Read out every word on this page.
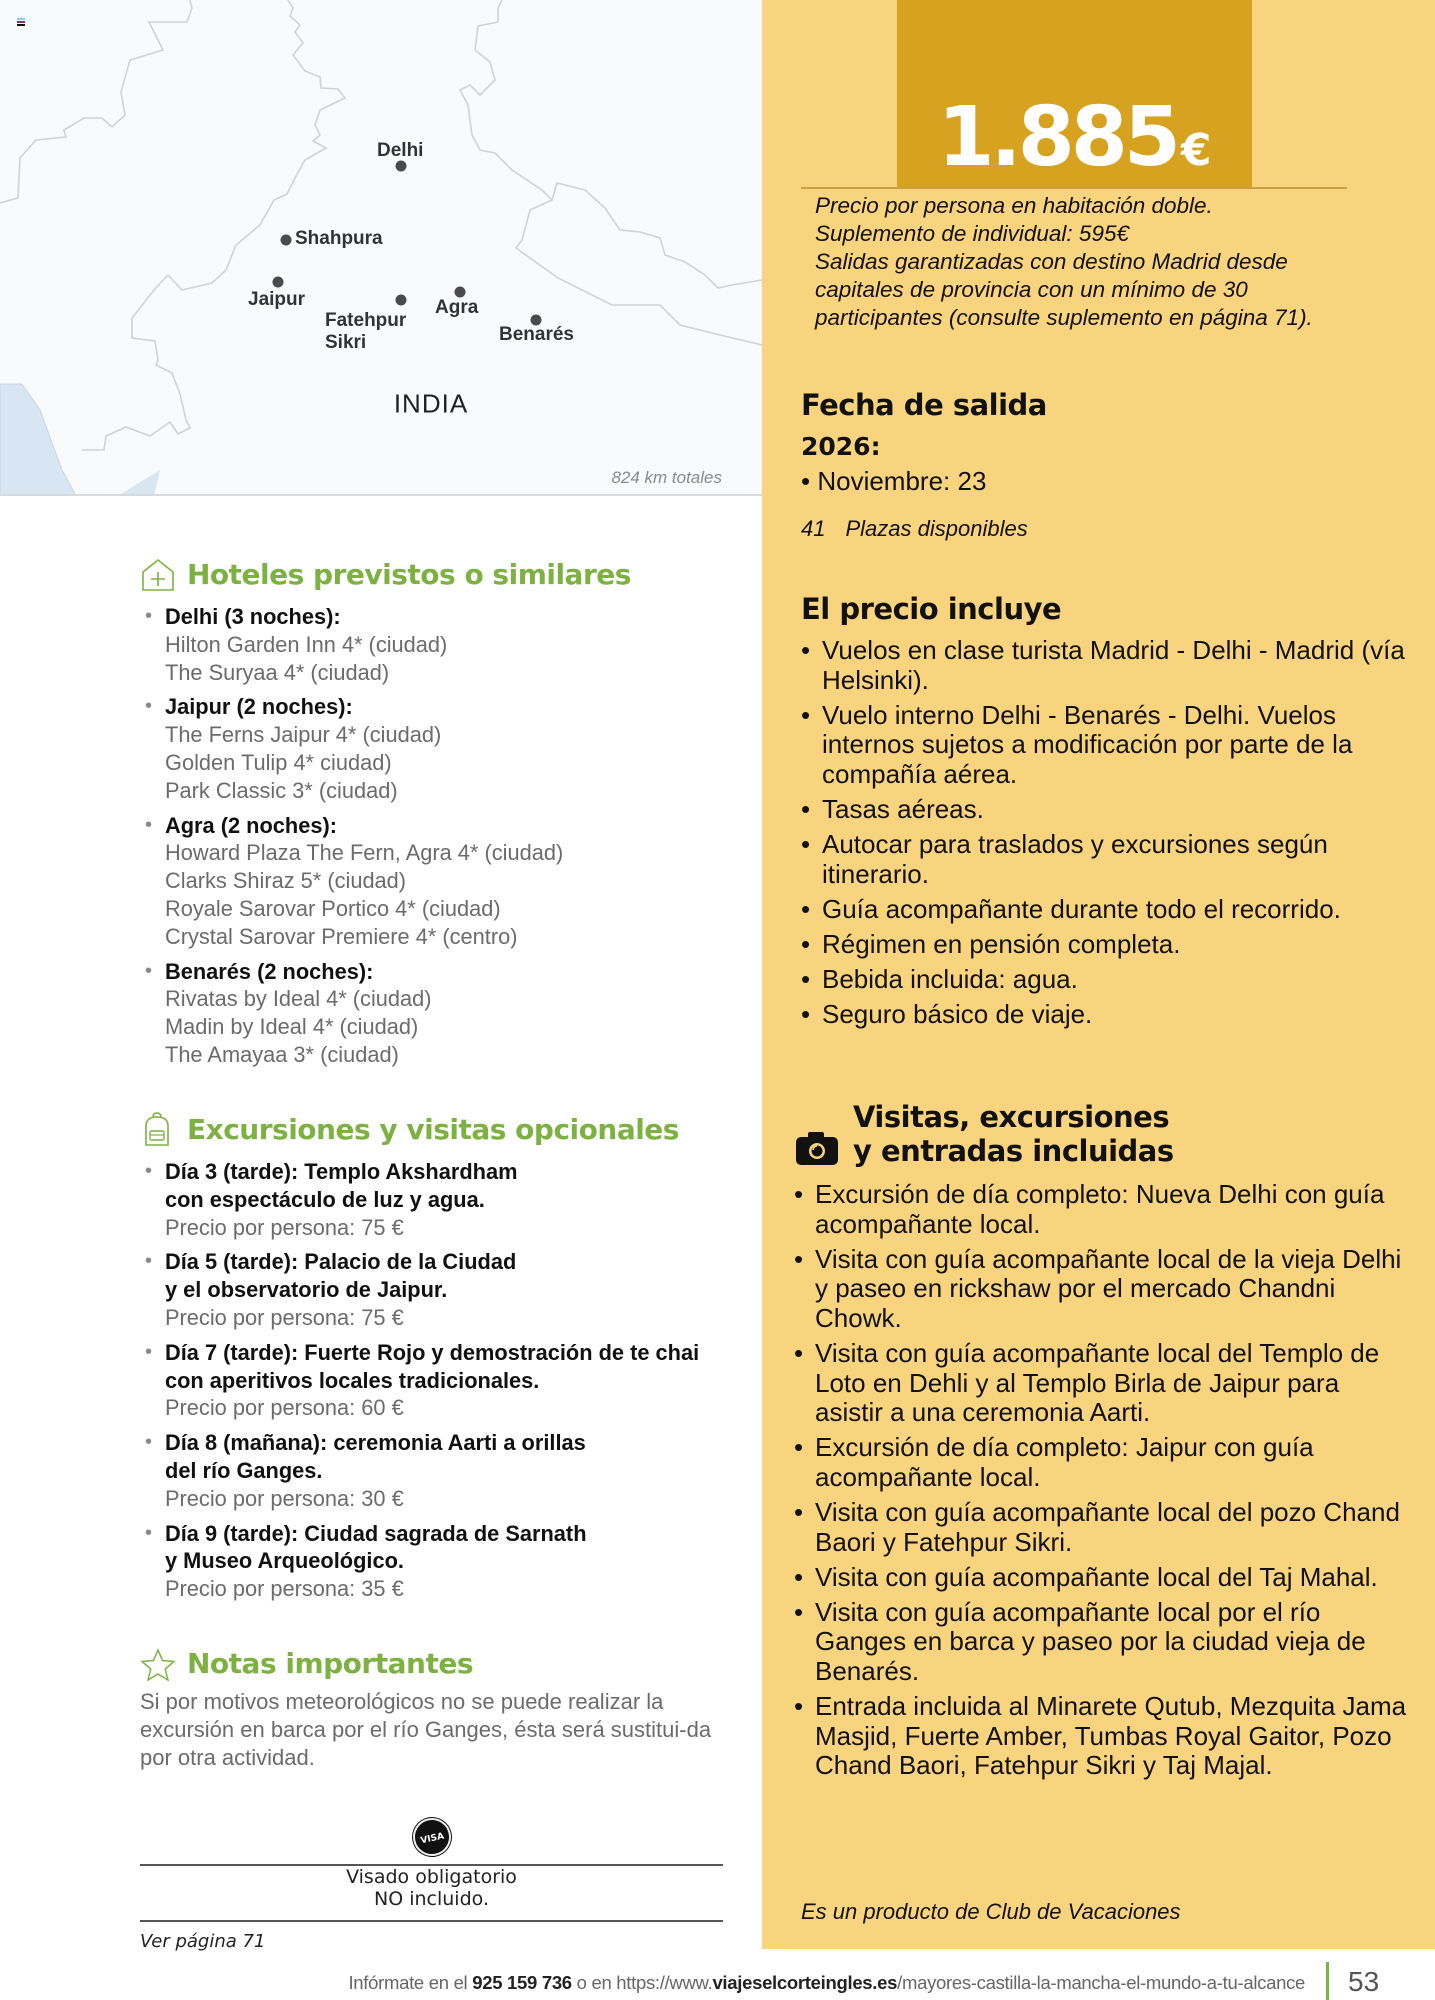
Delhi
Shahpura
Jaipur
Fatehpur
Sikri
Agra
Benarés
INDIA
824 km totales
1.885€
Precio por persona en habitación doble.
Suplemento de individual: 595€
Salidas garantizadas con destino Madrid desde
capitales de provincia con un mínimo de 30
participantes (consulte suplemento en página 71).
Fecha de salida
2026:
• Noviembre: 23
41 Plazas disponibles
El precio incluye
• Vuelos en clase turista Madrid - Delhi - Madrid (vía Helsinki).
• Vuelo interno Delhi - Benarés - Delhi. Vuelos internos sujetos a modificación por parte de la compañía aérea.
• Tasas aéreas.
• Autocar para traslados y excursiones según itinerario.
• Guía acompañante durante todo el recorrido.
• Régimen en pensión completa.
• Bebida incluida: agua.
• Seguro básico de viaje.
Visitas, excursiones
y entradas incluidas
• Excursión de día completo: Nueva Delhi con guía acompañante local.
• Visita con guía acompañante local de la vieja Delhi y paseo en rickshaw por el mercado Chandni Chowk.
• Visita con guía acompañante local del Templo de Loto en Dehli y al Templo Birla de Jaipur para asistir a una ceremonia Aarti.
• Excursión de día completo: Jaipur con guía acompañante local.
• Visita con guía acompañante local del pozo Chand Baori y Fatehpur Sikri.
• Visita con guía acompañante local del Taj Mahal.
• Visita con guía acompañante local por el río Ganges en barca y paseo por la ciudad vieja de Benarés.
• Entrada incluida al Minarete Qutub, Mezquita Jama Masjid, Fuerte Amber, Tumbas Royal Gaitor, Pozo Chand Baori, Fatehpur Sikri y Taj Majal.
Es un producto de Club de Vacaciones
Hoteles previstos o similares
• Delhi (3 noches):
Hilton Garden Inn 4* (ciudad)
The Suryaa 4* (ciudad)
• Jaipur (2 noches):
The Ferns Jaipur 4* (ciudad)
Golden Tulip 4* ciudad)
Park Classic 3* (ciudad)
• Agra (2 noches):
Howard Plaza The Fern, Agra 4* (ciudad)
Clarks Shiraz 5* (ciudad)
Royale Sarovar Portico 4* (ciudad)
Crystal Sarovar Premiere 4* (centro)
• Benarés (2 noches):
Rivatas by Ideal 4* (ciudad)
Madin by Ideal 4* (ciudad)
The Amayaa 3* (ciudad)
Excursiones y visitas opcionales
• Día 3 (tarde): Templo Akshardham
con espectáculo de luz y agua.
Precio por persona: 75 €
• Día 5 (tarde): Palacio de la Ciudad
y el observatorio de Jaipur.
Precio por persona: 75 €
• Día 7 (tarde): Fuerte Rojo y demostración de te chai
con aperitivos locales tradicionales.
Precio por persona: 60 €
• Día 8 (mañana): ceremonia Aarti a orillas
del río Ganges.
Precio por persona: 30 €
• Día 9 (tarde): Ciudad sagrada de Sarnath
y Museo Arqueológico.
Precio por persona: 35 €
Notas importantes
Si por motivos meteorológicos no se puede realizar la excursión en barca por el río Ganges, ésta será sustitui-da por otra actividad.
VISA
Visado obligatorio
NO incluido.
Ver página 71
Infórmate en el 925 159 736 o en https://www.viajeselcorteingles.es/mayores-castilla-la-mancha-el-mundo-a-tu-alcance 53
